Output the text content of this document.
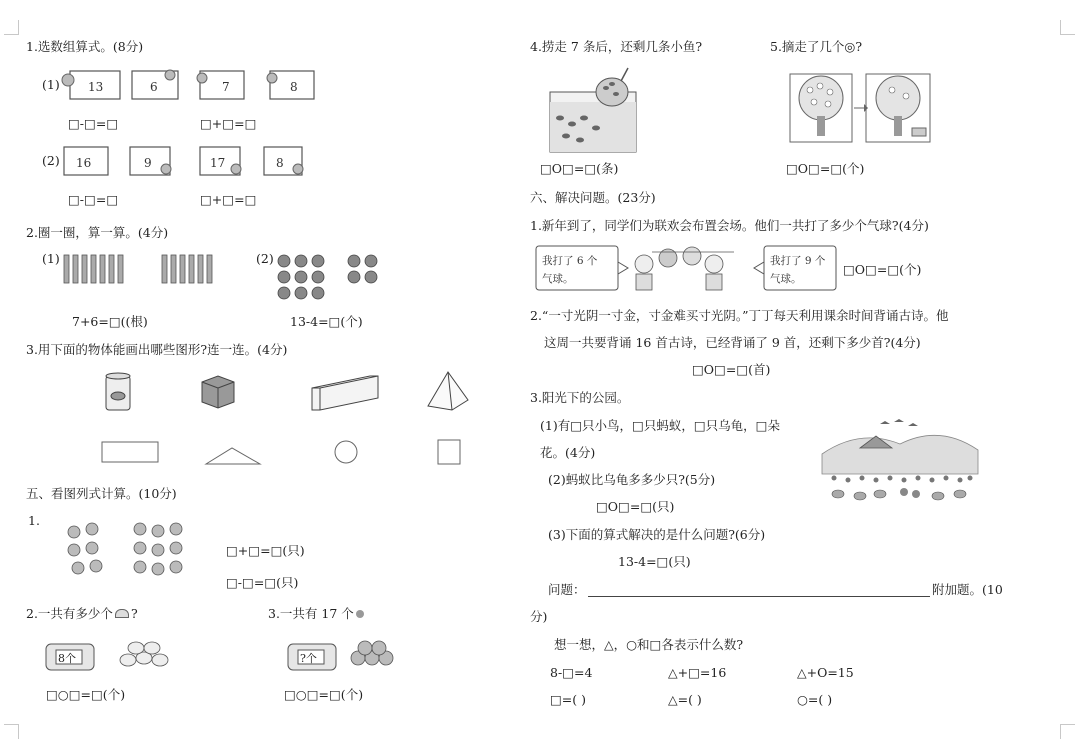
1.选数组算式。(8分)
(1) 13	6	7	8
□-□=□	□+□=□
(2) 16	9	17	8
□-□=□	□+□=□
2.圈一圈，算一算。(4分)
(1)	(2)
7+6=□((根)	13-4=□(个)
3.用下面的物体能画出哪些图形?连一连。(4分)
五、看图列式计算。(10分)
1.
□+□=□(只)
□-□=□(只)
2.一共有多少个 ?
8个
□○□=□(个)
3.一共有 17 个
?个
□○□=□(个)
4.捞走 7 条后，还剩几条小鱼?
□O□=□(条)
5.摘走了几个◎?
□O□=□(个)
六、解决问题。(23分)
1.新年到了，同学们为联欢会布置会场。他们一共打了多少个气球?(4分)
我打了 6 个
气球。
我打了 9 个
气球。
□O□=□(个)
2.“一寸光阴一寸金，寸金难买寸光阴。”丁丁每天利用课余时间背诵古诗。他
这周一共要背诵 16 首古诗，已经背诵了 9 首，还剩下多少首?(4分)
□O□=□(首)
3.阳光下的公园。
(1)有□只小鸟，□只蚂蚁，□只乌龟，□朵
花。(4分)
(2)蚂蚁比乌龟多多少只?(5分)
□O□=□(只)
(3)下面的算式解决的是什么问题?(6分)
13-4=□(只)
问题：	附加题。(10
分)
想一想，△，○和□各表示什么数?
8-□=4	△+□=16	△+O=15
□=( )	△=( )	○=( )
